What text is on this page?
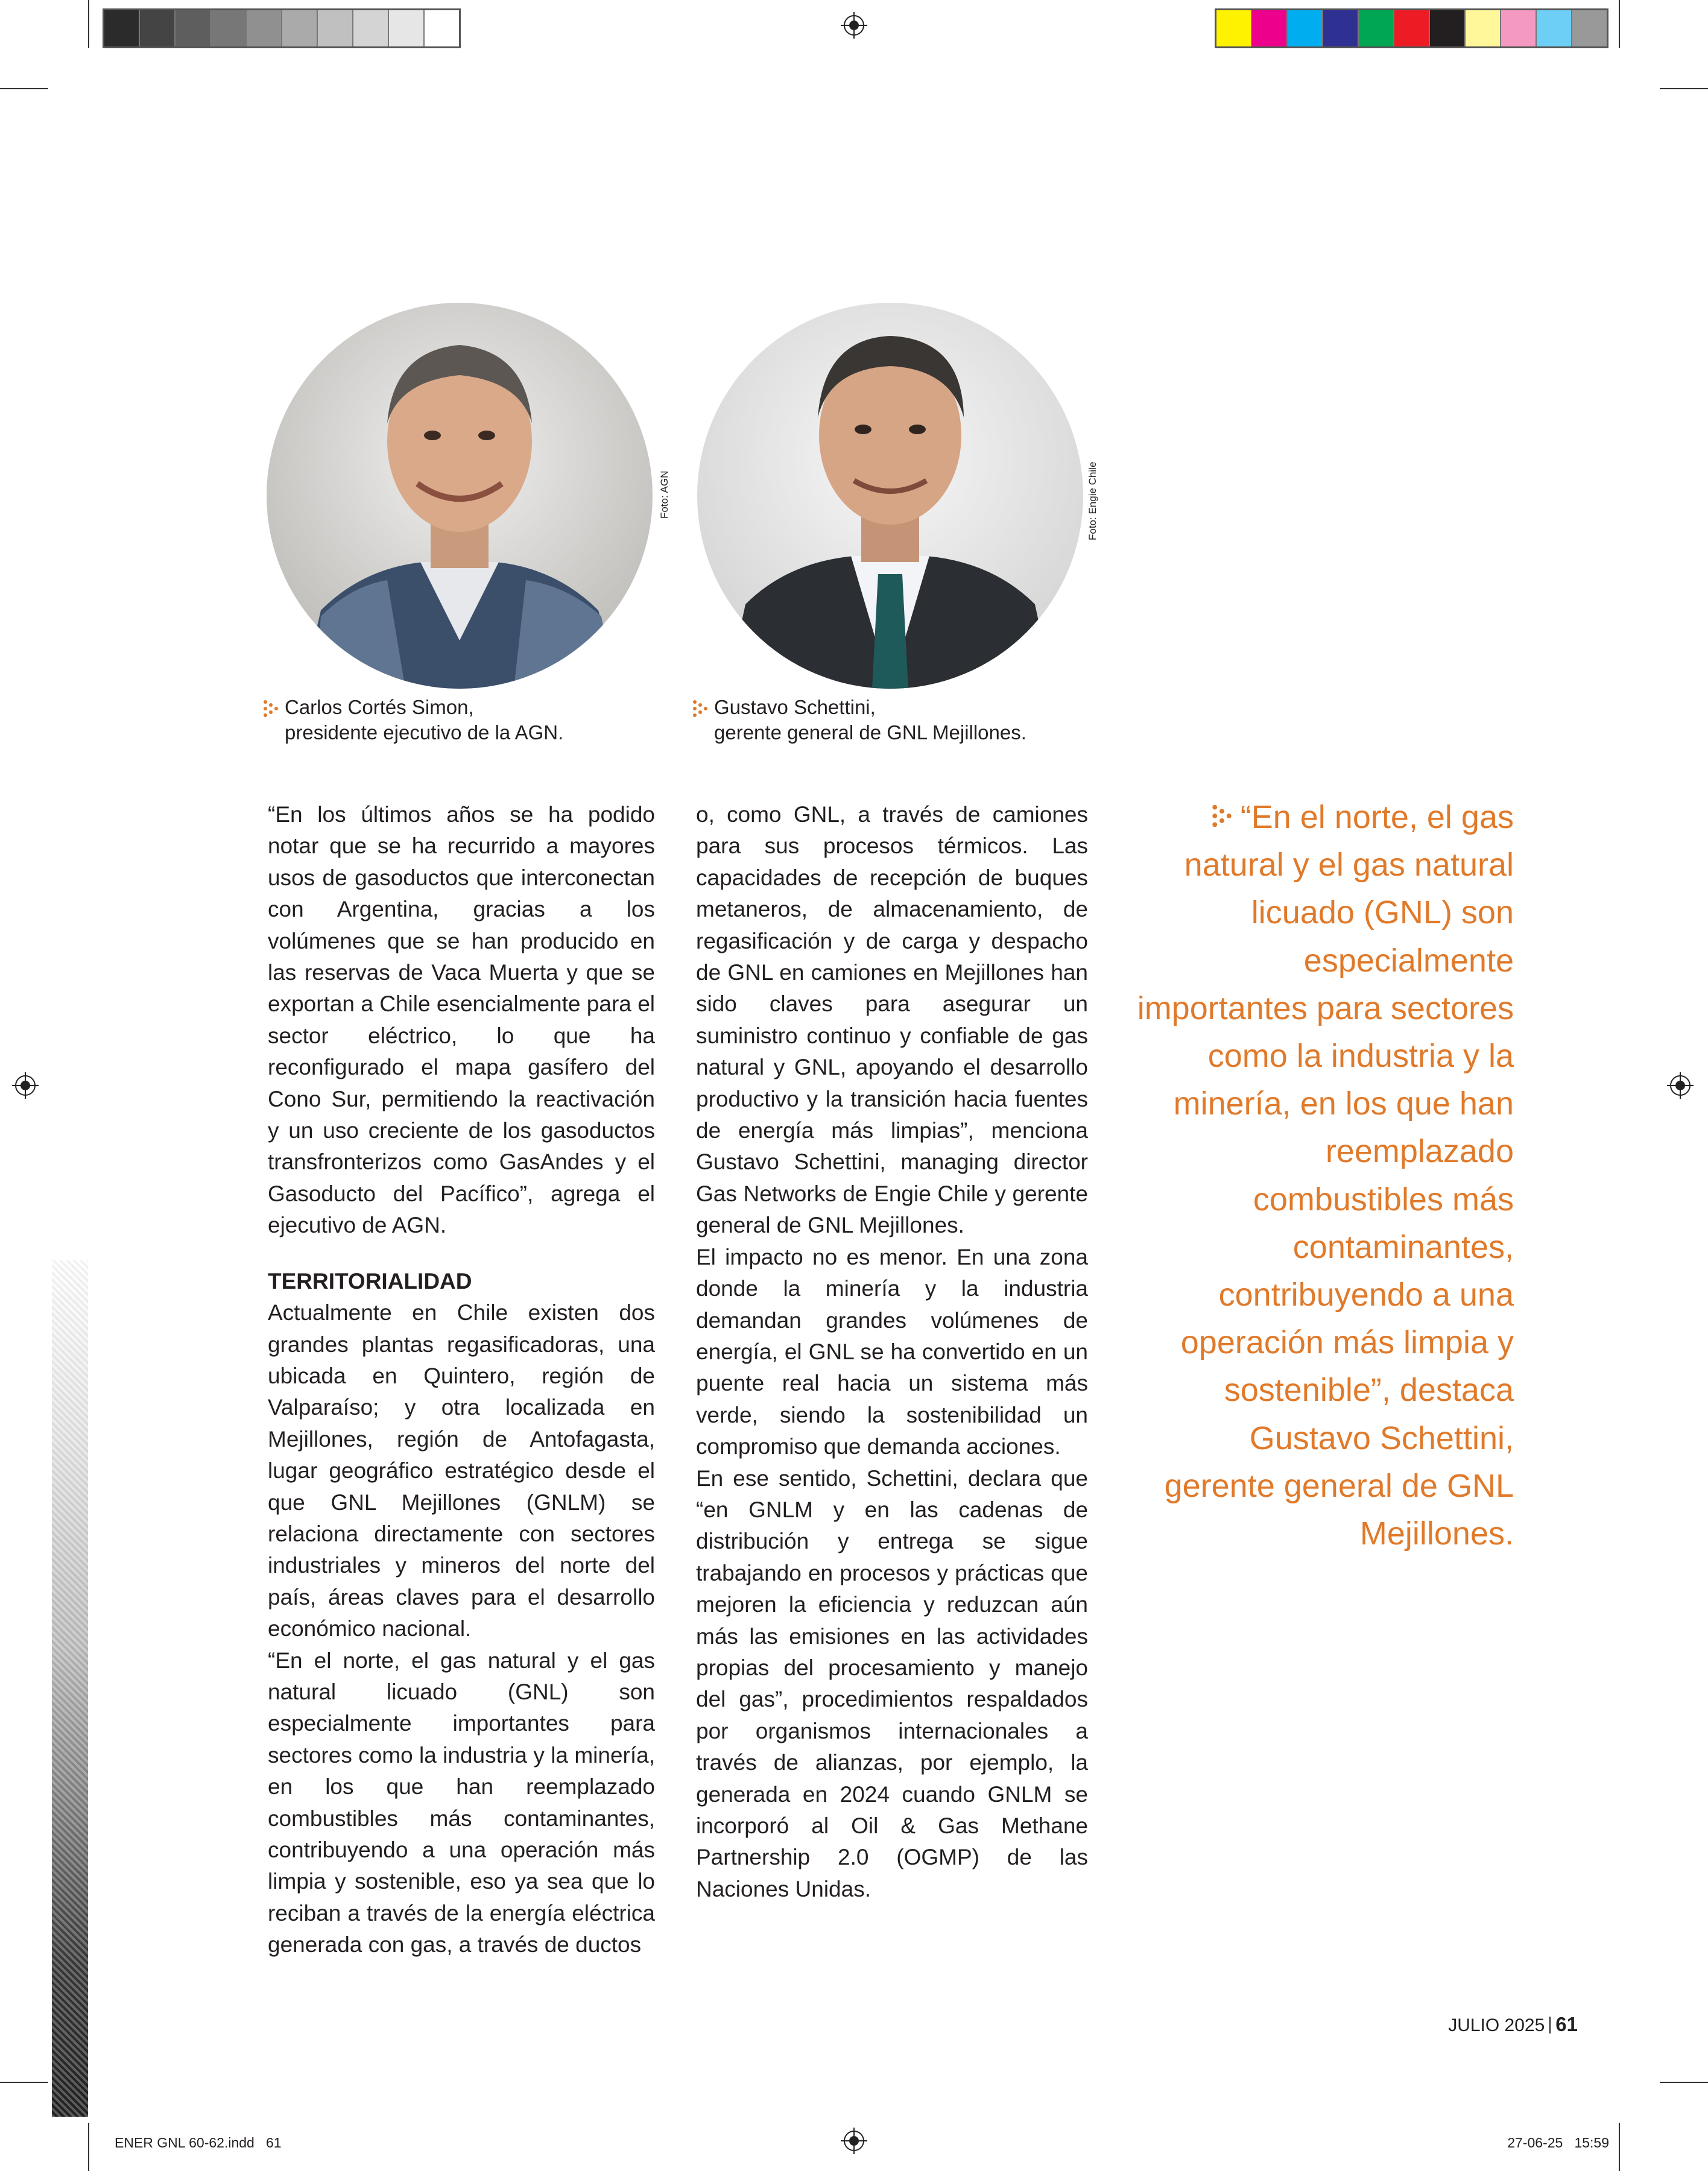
Foto: AGN	Foto: Engie Chile
Carlos Cortés Simon,
presidente ejecutivo de la AGN.
Gustavo Schettini,
gerente general de GNL Mejillones.

“En los últimos años se ha podido notar que se ha recurrido a mayores usos de gasoductos que interconectan con Argentina, gracias a los volúmenes que se han producido en las reservas de Vaca Muerta y que se exportan a Chile esencialmente para el sector eléctrico, lo que ha reconfigurado el mapa gasífero del Cono Sur, permitiendo la reactivación y un uso creciente de los gasoductos transfronterizos como GasAndes y el Gasoducto del Pacífico”, agrega el ejecutivo de AGN.

TERRITORIALIDAD

Actualmente en Chile existen dos grandes plantas regasificadoras, una ubicada en Quintero, región de Valparaíso; y otra localizada en Mejillones, región de Antofagasta, lugar geográfico estratégico desde el que GNL Mejillones (GNLM) se relaciona directamente con sectores industriales y mineros del norte del país, áreas claves para el desarrollo económico nacional.

“En el norte, el gas natural y el gas natural licuado (GNL) son especialmente importantes para sectores como la industria y la minería, en los que han reemplazado combustibles más contaminantes, contribuyendo a una operación más limpia y sostenible, eso ya sea que lo reciban a través de la energía eléctrica generada con gas, a través de ductos

o, como GNL, a través de camiones para sus procesos térmicos. Las capacidades de recepción de buques metaneros, de almacenamiento, de regasificación y de carga y despacho de GNL en camiones en Mejillones han sido claves para asegurar un suministro continuo y confiable de gas natural y GNL, apoyando el desarrollo productivo y la transición hacia fuentes de energía más limpias”, menciona Gustavo Schettini, managing director Gas Networks de Engie Chile y gerente general de GNL Mejillones.

El impacto no es menor. En una zona donde la minería y la industria demandan grandes volúmenes de energía, el GNL se ha convertido en un puente real hacia un sistema más verde, siendo la sostenibilidad un compromiso que demanda acciones.

En ese sentido, Schettini, declara que “en GNLM y en las cadenas de distribución y entrega se sigue trabajando en procesos y prácticas que mejoren la eficiencia y reduzcan aún más las emisiones en las actividades propias del procesamiento y manejo del gas”, procedimientos respaldados por organismos internacionales a través de alianzas, por ejemplo, la generada en 2024 cuando GNLM se incorporó al Oil & Gas Methane Partnership 2.0 (OGMP) de las Naciones Unidas.

“En el norte, el gas natural y el gas natural licuado (GNL) son especialmente importantes para sectores como la industria y la minería, en los que han reemplazado combustibles más contaminantes, contribuyendo a una operación más limpia y sostenible”, destaca Gustavo Schettini, gerente general de GNL Mejillones.
JULIO 2025 61
ENER GNL 60-62.indd   61	27-06-25   15:59
